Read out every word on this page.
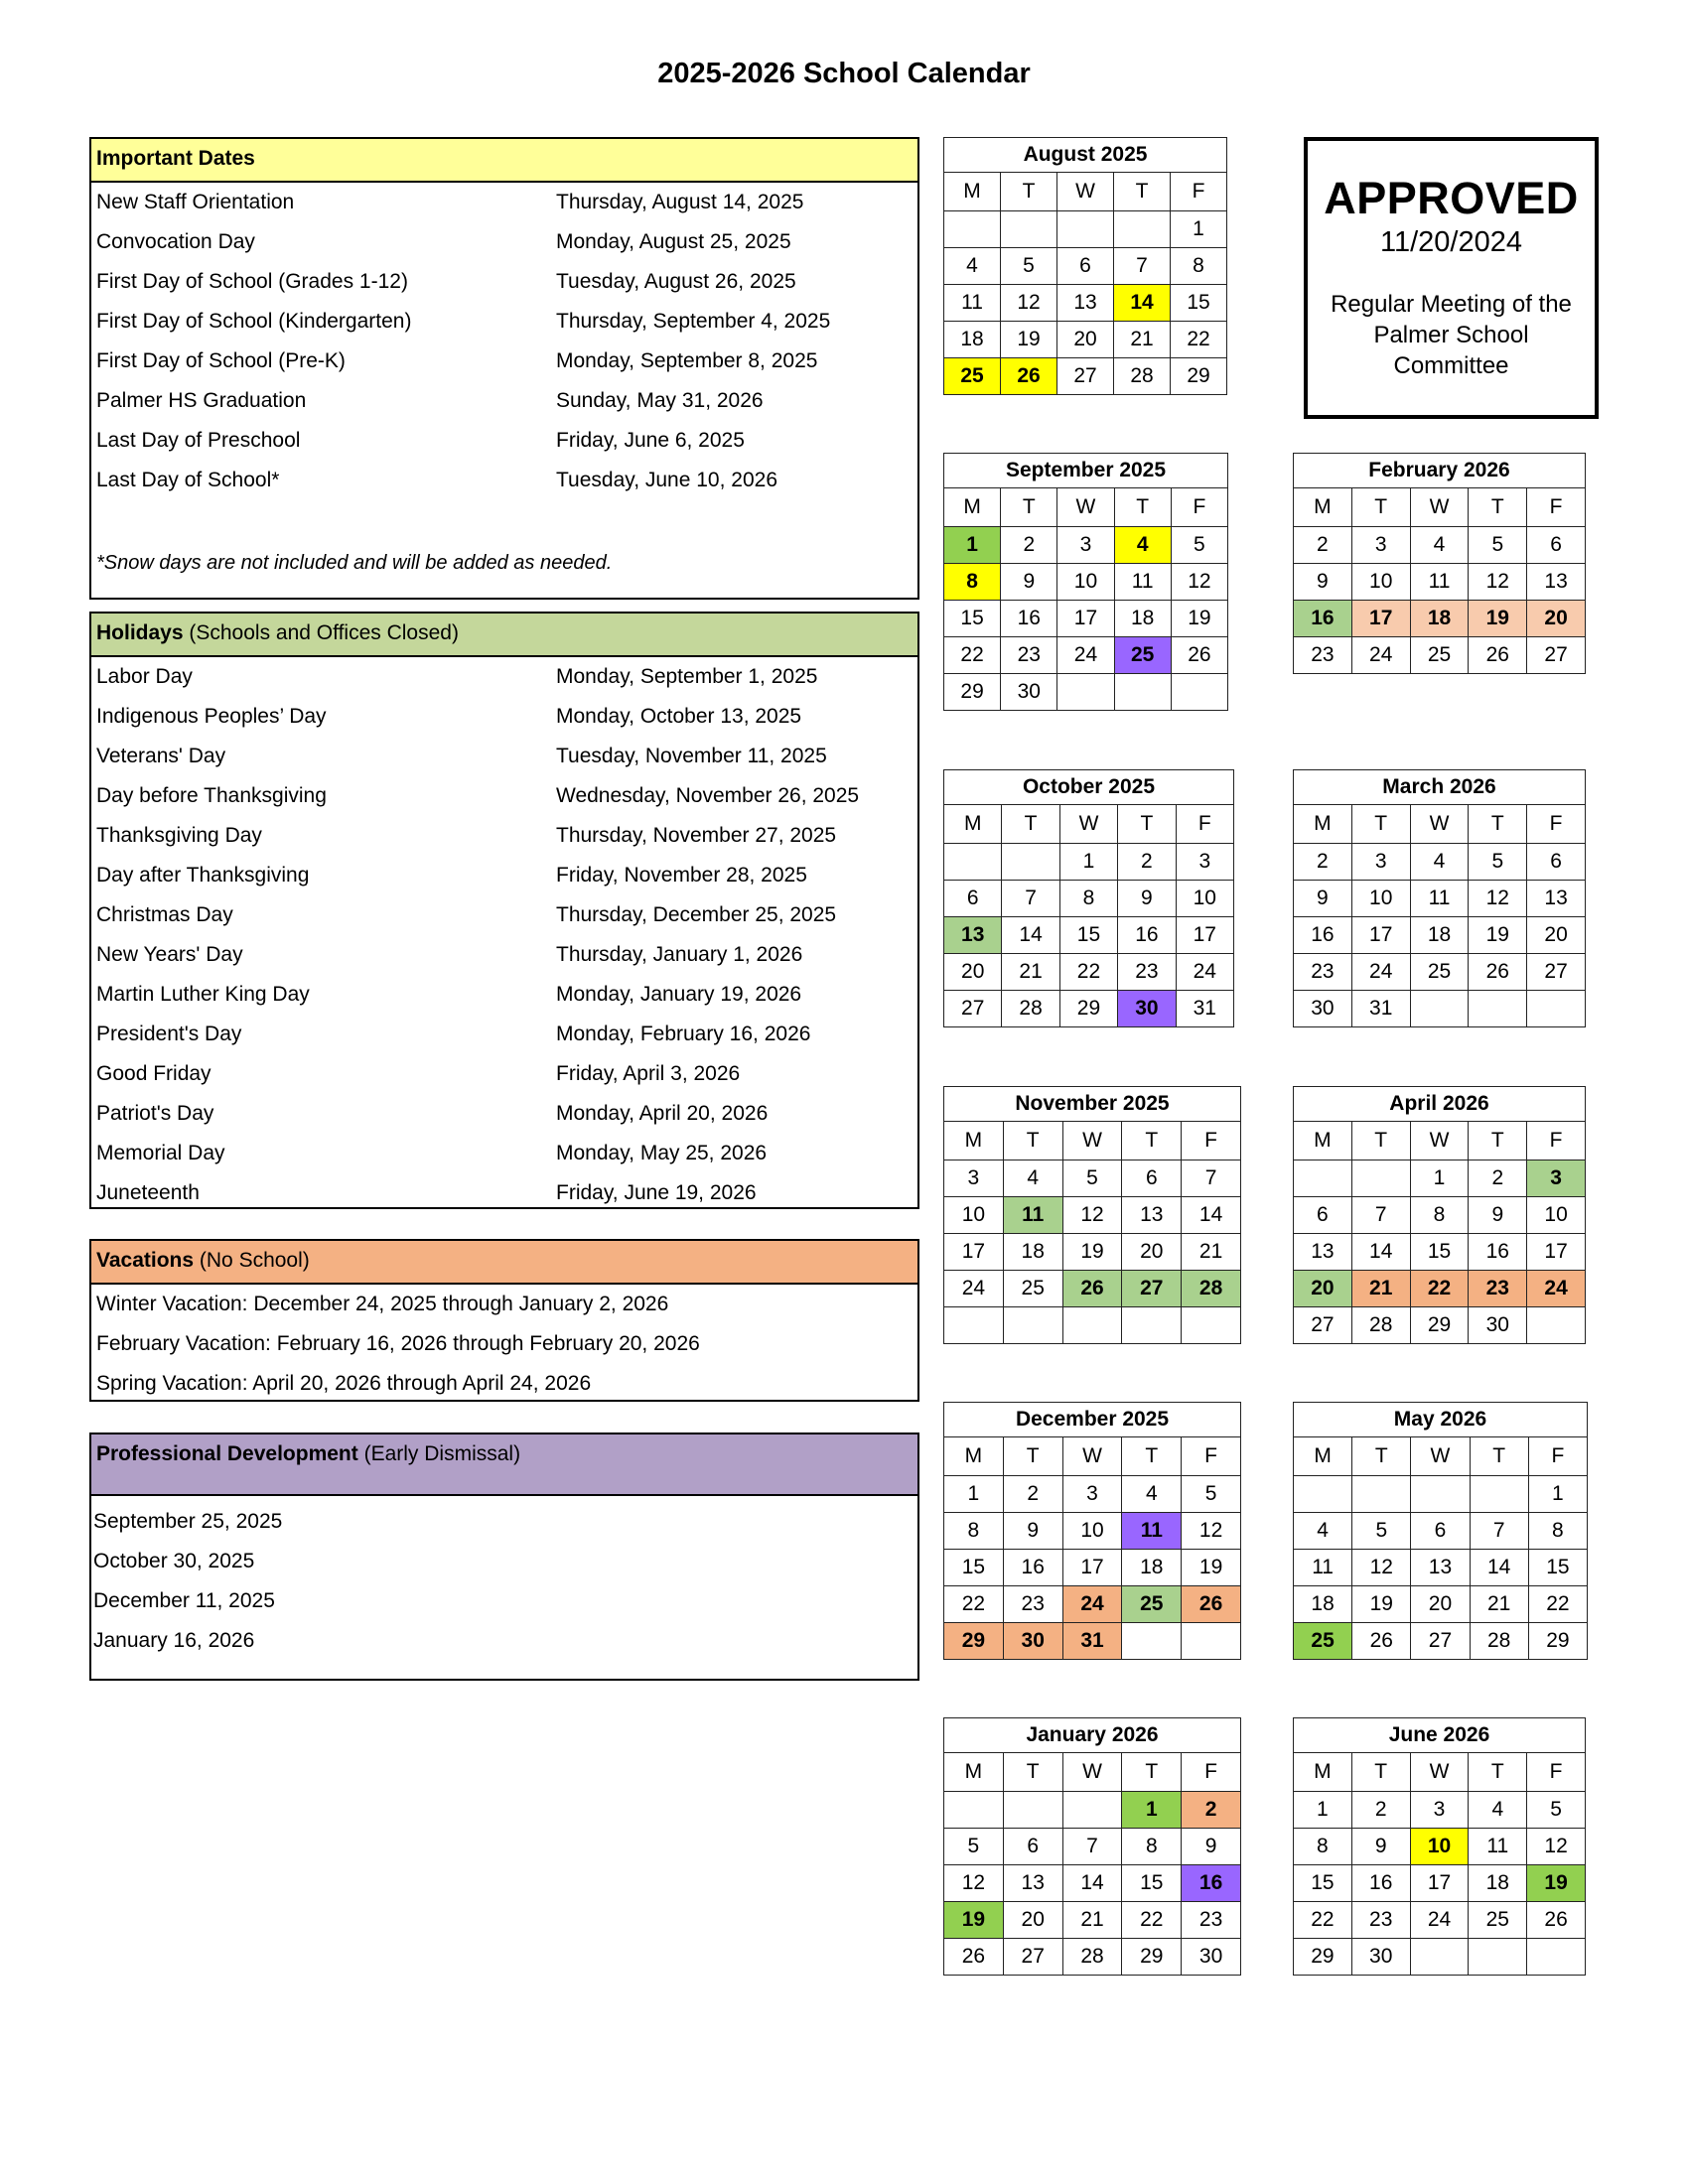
2025-2026 School Calendar
Important Dates
New Staff Orientation	Thursday, August 14, 2025
Convocation Day	Monday, August 25, 2025
First Day of School (Grades 1-12)	Tuesday, August 26, 2025
First Day of School (Kindergarten)	Thursday, September 4, 2025
First Day of School (Pre-K)	Monday, September 8, 2025
Palmer HS Graduation	Sunday, May 31, 2026
Last Day of Preschool	Friday, June 6, 2025
Last Day of School*	Tuesday, June 10, 2026
*Snow days are not included and will be added as needed.
Holidays (Schools and Offices Closed)
Labor Day	Monday, September 1, 2025
Indigenous Peoples’ Day	Monday, October 13, 2025
Veterans' Day	Tuesday, November 11, 2025
Day before Thanksgiving	Wednesday, November 26, 2025
Thanksgiving Day	Thursday, November 27, 2025
Day after Thanksgiving	Friday, November 28, 2025
Christmas Day	Thursday, December 25, 2025
New Years' Day	Thursday, January 1, 2026
Martin Luther King Day	Monday, January 19, 2026
President's Day	Monday, February 16, 2026
Good Friday	Friday, April 3, 2026
Patriot's Day	Monday, April 20, 2026
Memorial Day	Monday, May 25, 2026
Juneteenth	Friday, June 19, 2026
Vacations (No School)
Winter Vacation: December 24, 2025 through January 2, 2026
February Vacation: February 16, 2026 through February 20, 2026
Spring Vacation: April 20, 2026 through April 24, 2026
Professional Development (Early Dismissal)
September 25, 2025
October 30, 2025
December 11, 2025
January 16, 2026
APPROVED
11/20/2024
Regular Meeting of the
Palmer School
Committee
August 2025				
M	T	W	T	F
				1
4	5	6	7	8
11	12	13	14	15
18	19	20	21	22
25	26	27	28	29
September 2025				
M	T	W	T	F
1	2	3	4	5
8	9	10	11	12
15	16	17	18	19
22	23	24	25	26
29	30			
October 2025				
M	T	W	T	F
		1	2	3
6	7	8	9	10
13	14	15	16	17
20	21	22	23	24
27	28	29	30	31
November 2025				
M	T	W	T	F
3	4	5	6	7
10	11	12	13	14
17	18	19	20	21
24	25	26	27	28

December 2025				
M	T	W	T	F
1	2	3	4	5
8	9	10	11	12
15	16	17	18	19
22	23	24	25	26
29	30	31		
January 2026				
M	T	W	T	F
			1	2
5	6	7	8	9
12	13	14	15	16
19	20	21	22	23
26	27	28	29	30
February 2026				
M	T	W	T	F
2	3	4	5	6
9	10	11	12	13
16	17	18	19	20
23	24	25	26	27
March 2026				
M	T	W	T	F
2	3	4	5	6
9	10	11	12	13
16	17	18	19	20
23	24	25	26	27
30	31			
April 2026				
M	T	W	T	F
		1	2	3
6	7	8	9	10
13	14	15	16	17
20	21	22	23	24
27	28	29	30	
May 2026				
M	T	W	T	F
				1
4	5	6	7	8
11	12	13	14	15
18	19	20	21	22
25	26	27	28	29
June 2026				
M	T	W	T	F
1	2	3	4	5
8	9	10	11	12
15	16	17	18	19
22	23	24	25	26
29	30			
